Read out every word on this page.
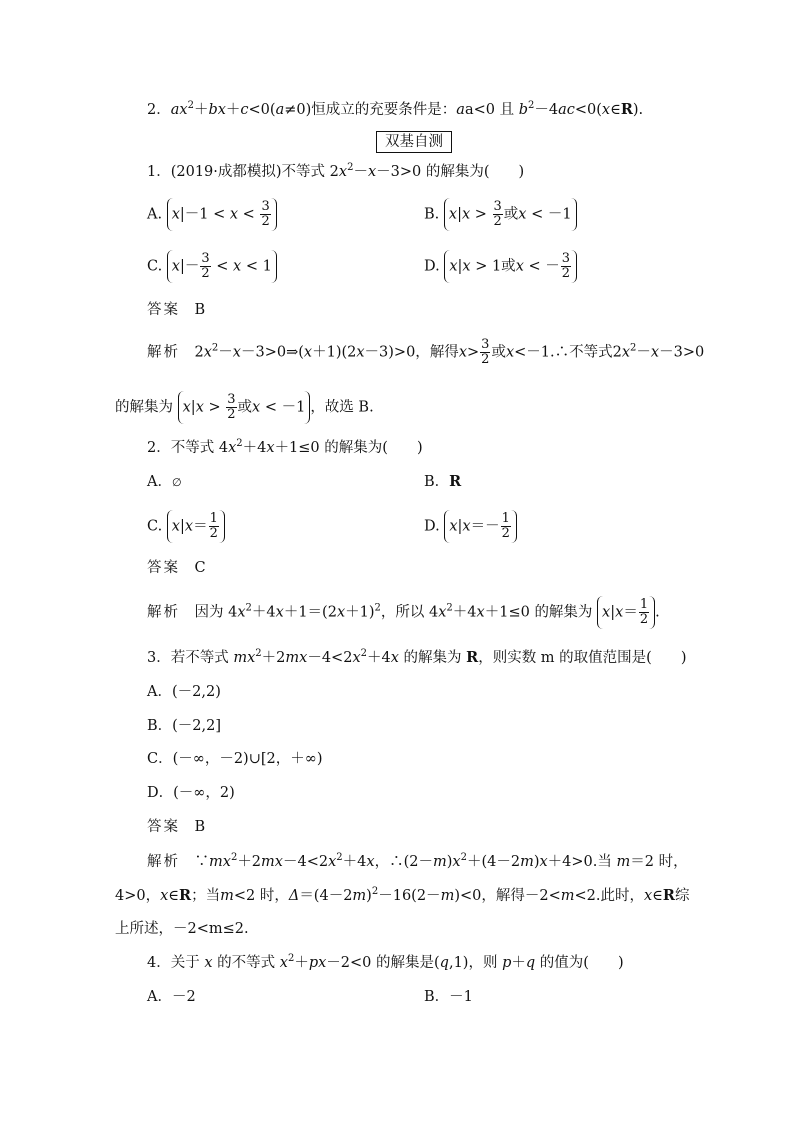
2．$ax^2+bx+c<0(a\ne 0)$恒成立的充要条件是：aa<0 且 $b^2-4ac<0(x\in R)$.
双基自测
1．(2019·成都模拟)不等式 $2x^2-x-3>0$ 的解集为(　　)
A. $x|-1 < x < \frac{3}{2}$	B. $x|x > \frac{3}{2}$ 或x < －1
C. $x|- \frac{3}{2} < x < 1$	D. x|x > 1或x < － $\frac{3}{2}$
答案　 B
解析　$2x^2-x-3>0\Rightarrow(x+1)(2x-3)>0$，解得$x> \frac{3}{2}$ 或x<－1.∴不等式$2x^2-x-3>0$
的解集为 $x|x > \frac{3}{2}$ 或x < －1 ，故选 B.
2．不等式 $4x^2+4x+1\le 0$ 的解集为(　　)
A．∅	B．R
C. $x|x= \frac{1}{2}$	D. $x|x=- \frac{1}{2}$
答案　 C
解析　 因为 $4x^2+4x+1=(2x+1)^2$，所以 $4x^2+4x+1\le 0$ 的解集为 $x|x= \frac{1}{2}$ .
3．若不等式 $mx^2+2mx-4<2x^2+4x$ 的解集为 R，则实数 m 的取值范围是(　　)
A．(－2,2)
B．(－2,2]
C．(－∞，－2)∪[2，＋∞)
D．(－∞，2)
答案　 B
解析　$\because mx^2+2mx-4<2x^2+4x$，$\therefore(2-m)x^2+(4-2m)x+4>0$.当 m＝2 时，
4>0，x∈R；当m<2 时，$\Delta=(4-2m)^2-16(2-m)<0$，解得－2<m<2.此时，x∈R综
上所述，－2<m≤2.
4．关于 x 的不等式 $x^2+px-2<0$ 的解集是(q,1)，则 p＋q 的值为(　　)
A．－2	B．－1
